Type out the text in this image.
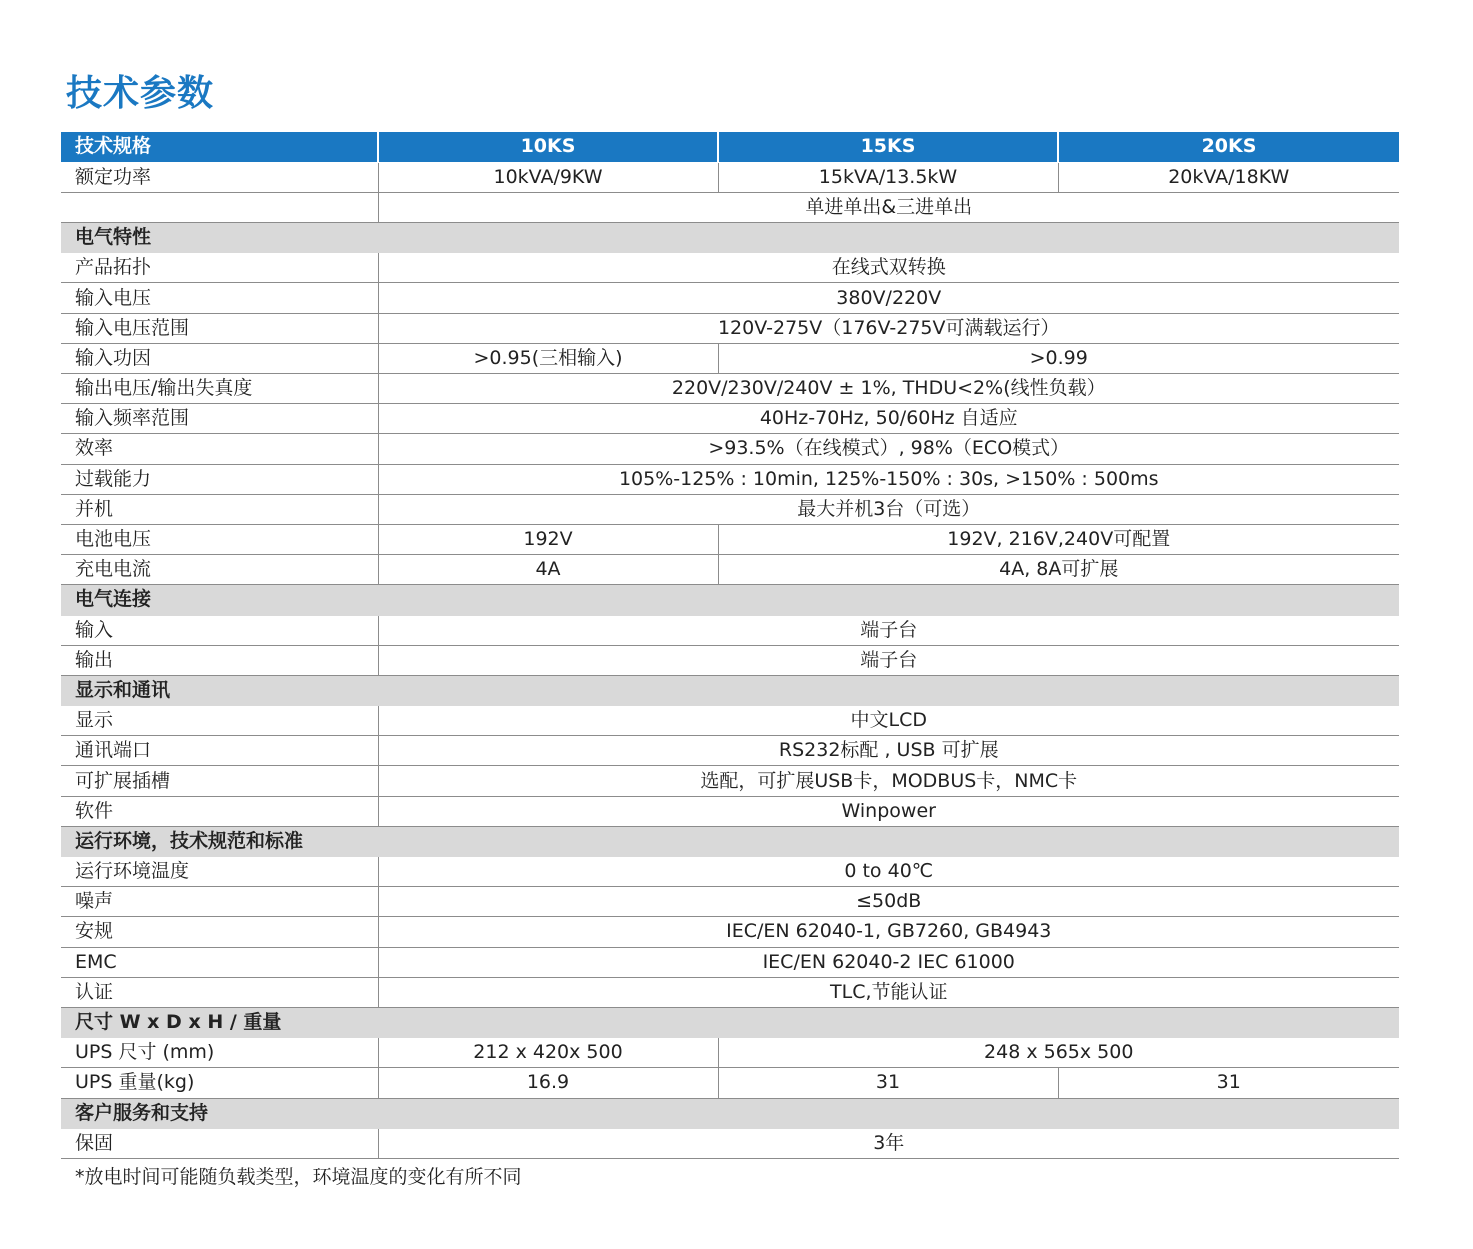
技术参数
技术规格	10KS	15KS	20KS
额定功率	10kVA/9KW	15kVA/13.5kW	20kVA/18KW
	单进单出&三进单出		
电气特性			
产品拓扑	在线式双转换		
输入电压	380V/220V		
输入电压范围	120V-275V（176V-275V可满载运行）		
输入功因	>0.95(三相输入)	>0.99	
输出电压/输出失真度	220V/230V/240V ± 1%, THDU<2%(线性负载）		
输入频率范围	40Hz-70Hz, 50/60Hz 自适应		
效率	>93.5%（在线模式）, 98%（ECO模式）		
过载能力	105%-125% : 10min, 125%-150% : 30s, >150% : 500ms		
并机	最大并机3台（可选）		
电池电压	192V	192V, 216V,240V可配置	
充电电流	4A	4A, 8A可扩展	
电气连接			
输入	端子台		
输出	端子台		
显示和通讯			
显示	中文LCD		
通讯端口	RS232标配 , USB 可扩展		
可扩展插槽	选配，可扩展USB卡，MODBUS卡，NMC卡		
软件	Winpower		
运行环境，技术规范和标准			
运行环境温度	0 to 40℃		
噪声	≤50dB		
安规	IEC/EN 62040-1, GB7260, GB4943		
EMC	IEC/EN 62040-2 IEC 61000		
认证	TLC,节能认证		
尺寸 W x D x H / 重量			
UPS 尺寸 (mm)	212 x 420x 500	248 x 565x 500	
UPS 重量(kg)	16.9	31	31
客户服务和支持			
保固	3年		
*放电时间可能随负载类型，环境温度的变化有所不同
